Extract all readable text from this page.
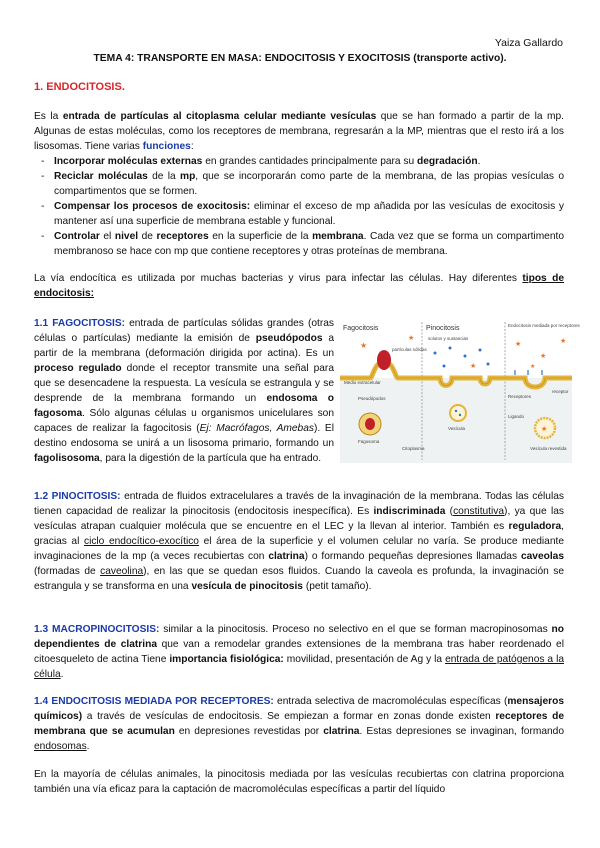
Yaiza Gallardo
TEMA 4: TRANSPORTE EN MASA: ENDOCITOSIS Y EXOCITOSIS (transporte activo).
1. ENDOCITOSIS.

Es la entrada de partículas al citoplasma celular mediante vesículas que se han formado a partir de la mp. Algunas de estas moléculas, como los receptores de membrana, regresarán a la MP, mientras que el resto irá a los lisosomas. Tiene varias funciones:

- Incorporar moléculas externas en grandes cantidades principalmente para su degradación.
- Reciclar moléculas de la mp, que se incorporarán como parte de la membrana, de las propias vesículas o compartimentos que se formen.
- Compensar los procesos de exocitosis: eliminar el exceso de mp añadida por las vesículas de exocitosis y mantener así una superficie de membrana estable y funcional.
- Controlar el nivel de receptores en la superficie de la membrana. Cada vez que se forma un compartimento membranoso se hace con mp que contiene receptores y otras proteínas de membrana.

La vía endocítica es utilizada por muchas bacterias y virus para infectar las células. Hay diferentes tipos de endocitosis:

1.1 FAGOCITOSIS: entrada de partículas sólidas grandes (otras células o partículas) mediante la emisión de pseudópodos a partir de la membrana (deformación dirigida por actina). Es un proceso regulado donde el receptor transmite una señal para que se desencadene la respuesta. La vesícula se estrangula y se desprende de la membrana formando un endosoma o fagosoma. Sólo algunas células u organismos unicelulares son capaces de realizar la fagocitosis (Ej: Macrófagos, Amebas). El destino endosoma se unirá a un lisosoma primario, formando un fagolisosoma, para la digestión de la partícula que ha entrado.

Fagocitosis	Pinocitosis	Endocitosis mediada por receptores
partículas sólidas
Medio extracelular
Pseudópodos
Fagosoma
solutos y sustancias
Vesícula
★
★
★
★
★
★
★
receptor
Receptores
Ligando
★
Vesícula revestida
Citoplasma

1.2 PINOCITOSIS: entrada de fluidos extracelulares a través de la invaginación de la membrana. Todas las células tienen capacidad de realizar la pinocitosis (endocitosis inespecífica). Es indiscriminada (constitutiva), ya que las vesículas atrapan cualquier molécula que se encuentre en el LEC y la llevan al interior. También es reguladora, gracias al ciclo endocítico-exocítico el área de la superficie y el volumen celular no varía. Se produce mediante invaginaciones de la mp (a veces recubiertas con clatrina) o formando pequeñas depresiones llamadas caveolas (formadas de caveolina), en las que se quedan esos fluidos. Cuando la caveola es profunda, la invaginación se estrangula y se transforma en una vesícula de pinocitosis (petit tamaño).

1.3 MACROPINOCITOSIS: similar a la pinocitosis. Proceso no selectivo en el que se forman macropinosomas no dependientes de clatrina que van a remodelar grandes extensiones de la membrana tras haber reordenado el citoesqueleto de actina Tiene importancia fisiológica: movilidad, presentación de Ag y la entrada de patógenos a la célula.

1.4 ENDOCITOSIS MEDIADA POR RECEPTORES: entrada selectiva de macromoléculas específicas (mensajeros químicos) a través de vesículas de endocitosis. Se empiezan a formar en zonas donde existen receptores de membrana que se acumulan en depresiones revestidas por clatrina. Estas depresiones se invaginan, formando endosomas.

En la mayoría de células animales, la pinocitosis mediada por las vesículas recubiertas con clatrina proporciona también una vía eficaz para la captación de macromoléculas específicas a partir del líquido
